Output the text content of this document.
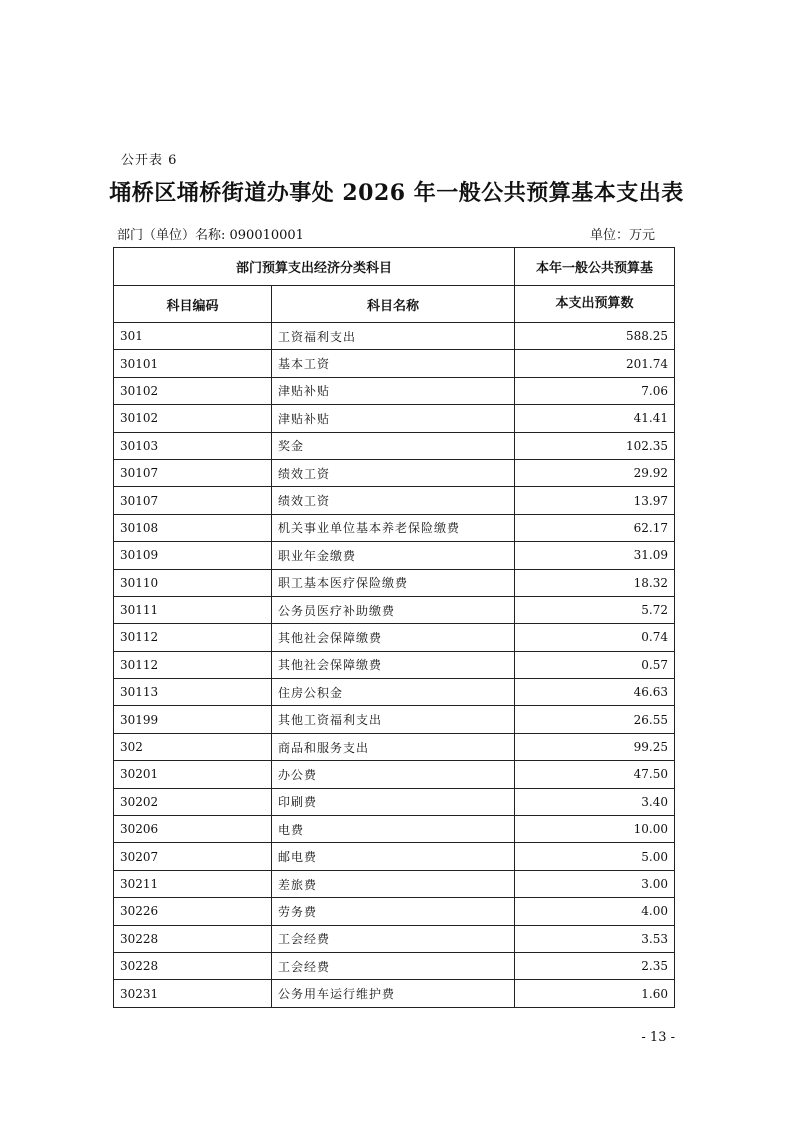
公开表 6
埇桥区埇桥街道办事处 2026 年一般公共预算基本支出表
部门（单位）名称: 090010001	单位：万元
部门预算支出经济分类科目		本年一般公共预算基
科目编码	科目名称	本支出预算数
301	工资福利支出	588.25
30101	基本工资	201.74
30102	津贴补贴	7.06
30102	津贴补贴	41.41
30103	奖金	102.35
30107	绩效工资	29.92
30107	绩效工资	13.97
30108	机关事业单位基本养老保险缴费	62.17
30109	职业年金缴费	31.09
30110	职工基本医疗保险缴费	18.32
30111	公务员医疗补助缴费	5.72
30112	其他社会保障缴费	0.74
30112	其他社会保障缴费	0.57
30113	住房公积金	46.63
30199	其他工资福利支出	26.55
302	商品和服务支出	99.25
30201	办公费	47.50
30202	印刷费	3.40
30206	电费	10.00
30207	邮电费	5.00
30211	差旅费	3.00
30226	劳务费	4.00
30228	工会经费	3.53
30228	工会经费	2.35
30231	公务用车运行维护费	1.60
- 13 -
